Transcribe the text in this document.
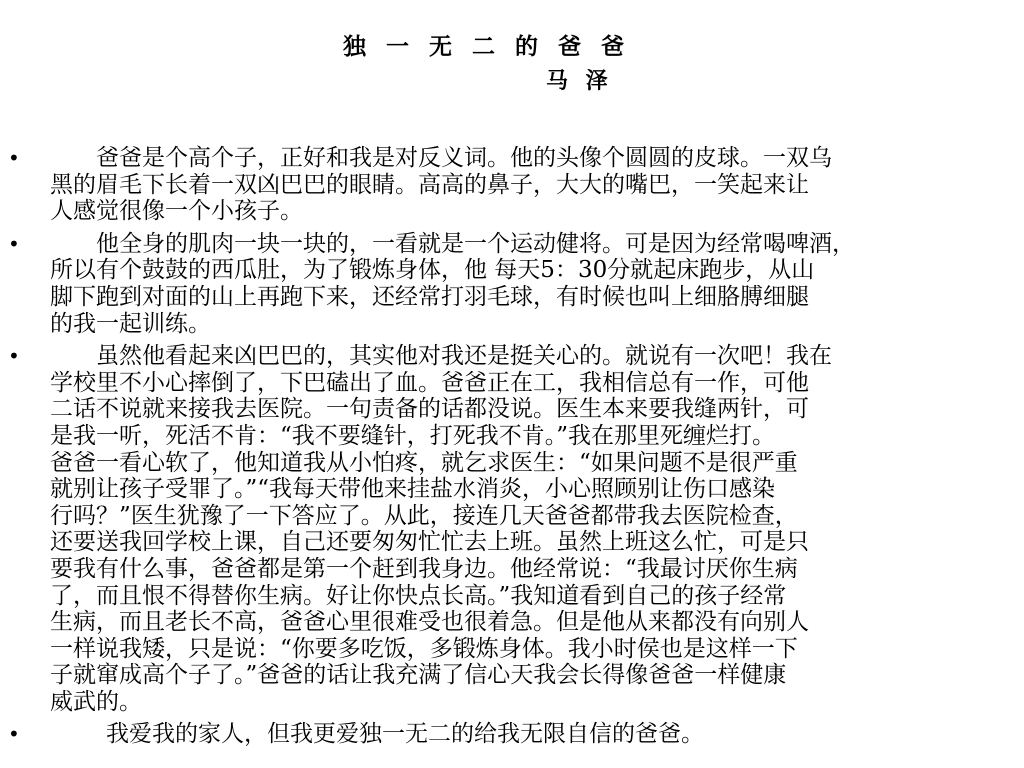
独 一 无 二 的 爸 爸
马 泽
•	爸爸是个高个子，正好和我是对反义词。他的头像个圆圆的皮球。一双乌
黑的眉毛下长着一双凶巴巴的眼睛。高高的鼻子，大大的嘴巴，一笑起来让
人感觉很像一个小孩子。
•	他全身的肌肉一块一块的，一看就是一个运动健将。可是因为经常喝啤酒，
所以有个鼓鼓的西瓜肚，为了锻炼身体，他 每天5：30分就起床跑步，从山
脚下跑到对面的山上再跑下来，还经常打羽毛球，有时候也叫上细胳膊细腿
的我一起训练。
•	虽然他看起来凶巴巴的，其实他对我还是挺关心的。就说有一次吧！我在
学校里不小心摔倒了，下巴磕出了血。爸爸正在工，我相信总有一作，可他
二话不说就来接我去医院。一句责备的话都没说。医生本来要我缝两针，可
是我一听，死活不肯：“我不要缝针，打死我不肯。”我在那里死缠烂打。
爸爸一看心软了，他知道我从小怕疼，就乞求医生：“如果问题不是很严重
就别让孩子受罪了。”“我每天带他来挂盐水消炎，小心照顾别让伤口感染
行吗？”医生犹豫了一下答应了。从此，接连几天爸爸都带我去医院检查，
还要送我回学校上课，自己还要匆匆忙忙去上班。虽然上班这么忙，可是只
要我有什么事，爸爸都是第一个赶到我身边。他经常说：“我最讨厌你生病
了，而且恨不得替你生病。好让你快点长高。”我知道看到自己的孩子经常
生病，而且老长不高，爸爸心里很难受也很着急。但是他从来都没有向别人
一样说我矮，只是说：“你要多吃饭，多锻炼身体。我小时侯也是这样一下
子就窜成高个子了。”爸爸的话让我充满了信心天我会长得像爸爸一样健康
威武的。
•	我爱我的家人，但我更爱独一无二的给我无限自信的爸爸。
